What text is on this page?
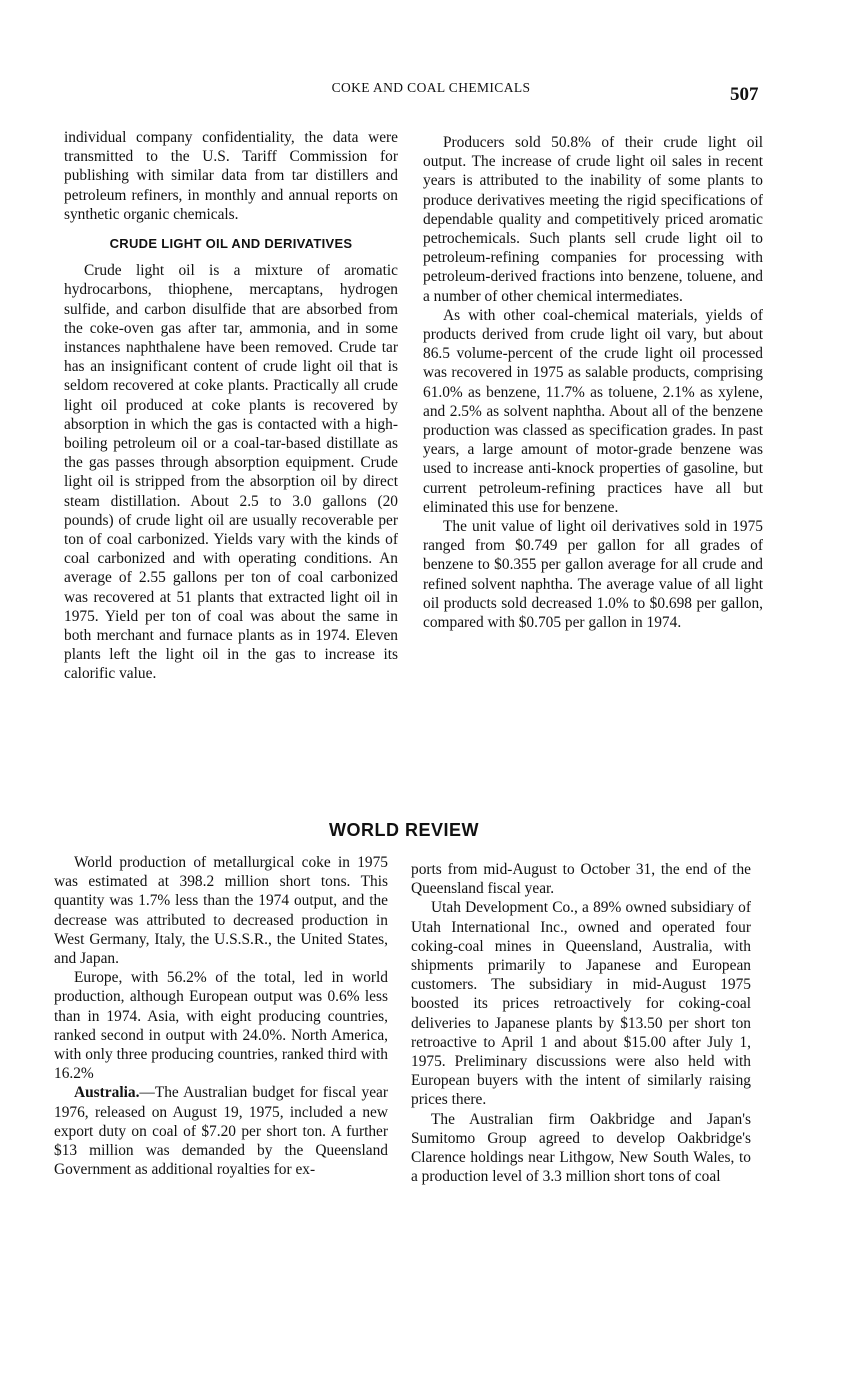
COKE AND COAL CHEMICALS	507

individual company confidentiality, the data were transmitted to the U.S. Tariff Commission for publishing with similar data from tar distillers and petroleum refiners, in monthly and annual reports on synthetic organic chemicals.

CRUDE LIGHT OIL AND DERIVATIVES

Crude light oil is a mixture of aromatic hydrocarbons, thiophene, mercaptans, hydrogen sulfide, and carbon disulfide that are absorbed from the coke-oven gas after tar, ammonia, and in some instances naphthalene have been removed. Crude tar has an insignificant content of crude light oil that is seldom recovered at coke plants. Practically all crude light oil produced at coke plants is recovered by absorption in which the gas is contacted with a high-boiling petroleum oil or a coal-tar-based distillate as the gas passes through absorption equipment. Crude light oil is stripped from the absorption oil by direct steam distillation. About 2.5 to 3.0 gallons (20 pounds) of crude light oil are usually recoverable per ton of coal carbonized. Yields vary with the kinds of coal carbonized and with operating conditions. An average of 2.55 gallons per ton of coal carbonized was recovered at 51 plants that extracted light oil in 1975. Yield per ton of coal was about the same in both merchant and furnace plants as in 1974. Eleven plants left the light oil in the gas to increase its calorific value.

Producers sold 50.8% of their crude light oil output. The increase of crude light oil sales in recent years is attributed to the inability of some plants to produce derivatives meeting the rigid specifications of dependable quality and competitively priced aromatic petrochemicals. Such plants sell crude light oil to petroleum-refining companies for processing with petroleum-derived fractions into benzene, toluene, and a number of other chemical intermediates.

As with other coal-chemical materials, yields of products derived from crude light oil vary, but about 86.5 volume-percent of the crude light oil processed was recovered in 1975 as salable products, comprising 61.0% as benzene, 11.7% as toluene, 2.1% as xylene, and 2.5% as solvent naphtha. About all of the benzene production was classed as specification grades. In past years, a large amount of motor-grade benzene was used to increase anti-knock properties of gasoline, but current petroleum-refining practices have all but eliminated this use for benzene.

The unit value of light oil derivatives sold in 1975 ranged from $0.749 per gallon for all grades of benzene to $0.355 per gallon average for all crude and refined solvent naphtha. The average value of all light oil products sold decreased 1.0% to $0.698 per gallon, compared with $0.705 per gallon in 1974.

WORLD REVIEW

World production of metallurgical coke in 1975 was estimated at 398.2 million short tons. This quantity was 1.7% less than the 1974 output, and the decrease was attributed to decreased production in West Germany, Italy, the U.S.S.R., the United States, and Japan.

Europe, with 56.2% of the total, led in world production, although European output was 0.6% less than in 1974. Asia, with eight producing countries, ranked second in output with 24.0%. North America, with only three producing countries, ranked third with 16.2%

Australia.—The Australian budget for fiscal year 1976, released on August 19, 1975, included a new export duty on coal of $7.20 per short ton. A further $13 million was demanded by the Queensland Government as additional royalties for ex-

ports from mid-August to October 31, the end of the Queensland fiscal year.

Utah Development Co., a 89% owned subsidiary of Utah International Inc., owned and operated four coking-coal mines in Queensland, Australia, with shipments primarily to Japanese and European customers. The subsidiary in mid-August 1975 boosted its prices retroactively for coking-coal deliveries to Japanese plants by $13.50 per short ton retroactive to April 1 and about $15.00 after July 1, 1975. Preliminary discussions were also held with European buyers with the intent of similarly raising prices there.

The Australian firm Oakbridge and Japan's Sumitomo Group agreed to develop Oakbridge's Clarence holdings near Lithgow, New South Wales, to a production level of 3.3 million short tons of coal
